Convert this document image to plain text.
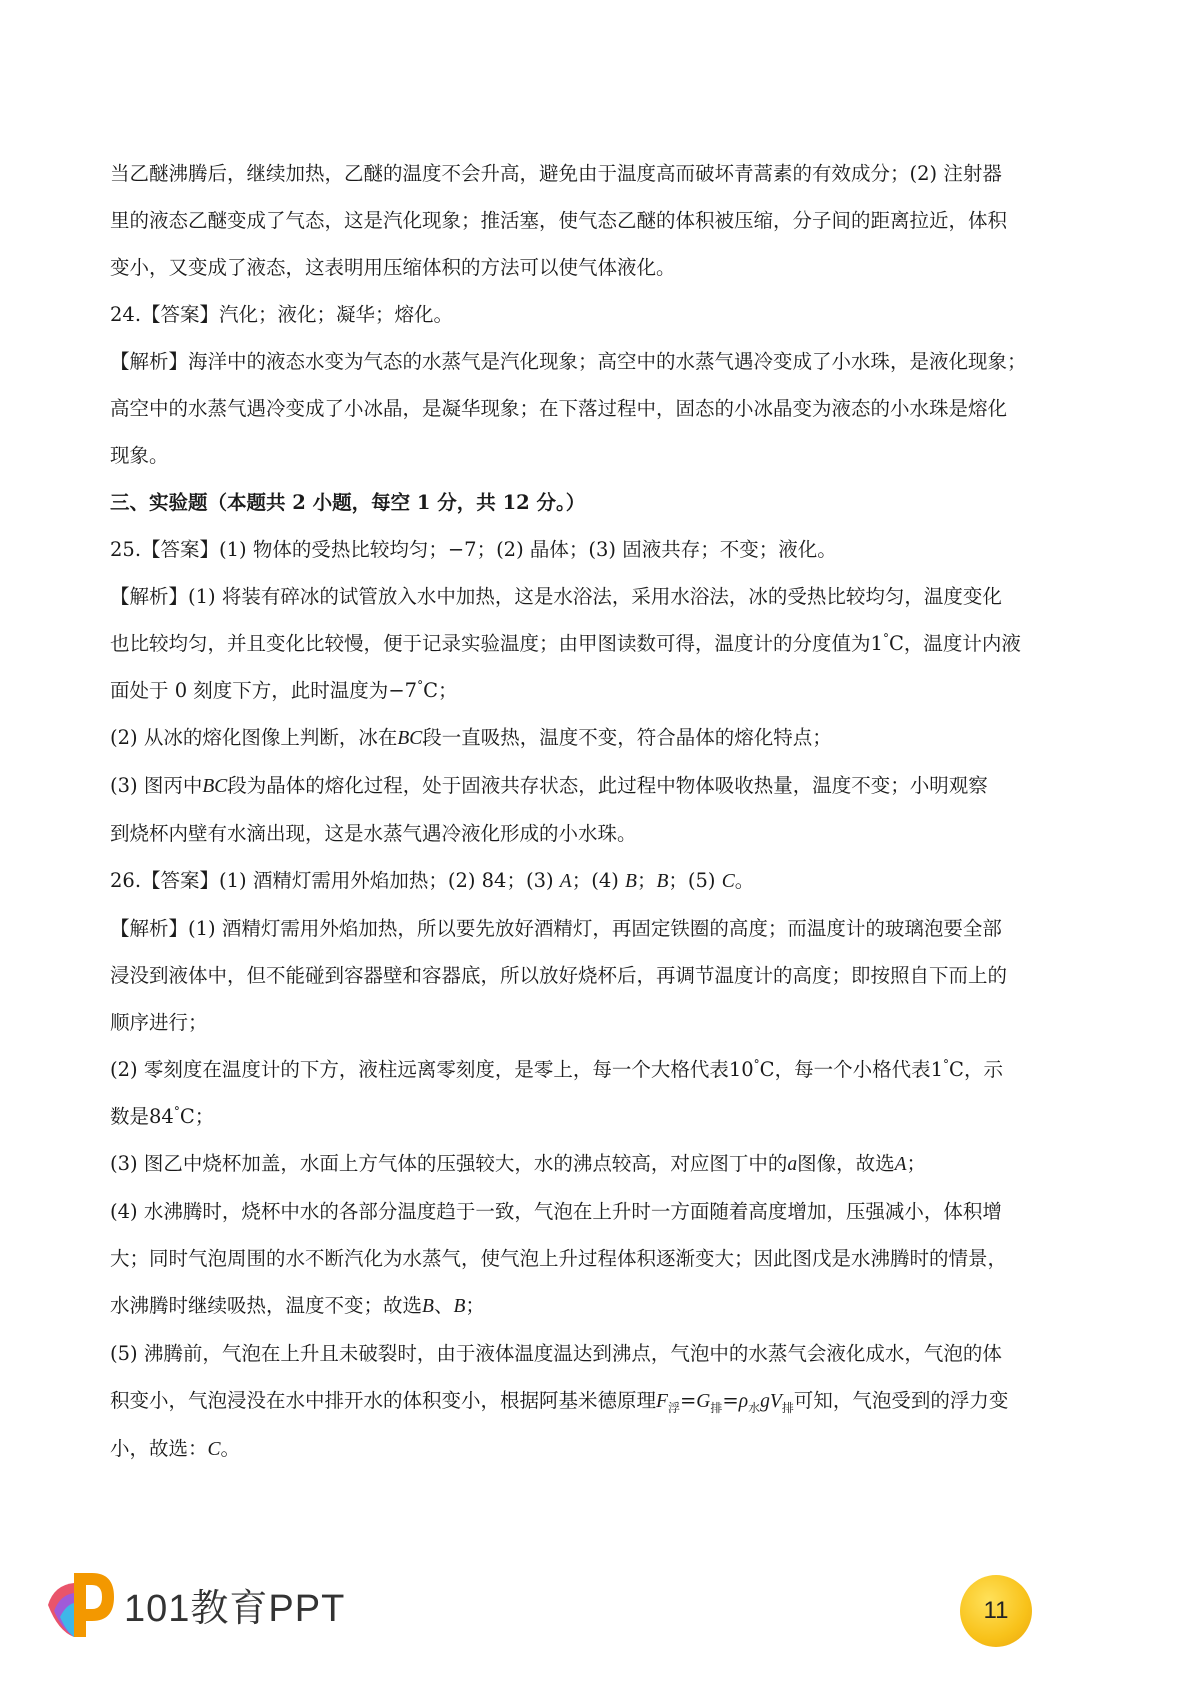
当乙醚沸腾后，继续加热，乙醚的温度不会升高，避免由于温度高而破坏青蒿素的有效成分；(2) 注射器

里的液态乙醚变成了气态，这是汽化现象；推活塞，使气态乙醚的体积被压缩，分子间的距离拉近，体积

变小，又变成了液态，这表明用压缩体积的方法可以使气体液化。

24.【答案】汽化；液化；凝华；熔化。

【解析】海洋中的液态水变为气态的水蒸气是汽化现象；高空中的水蒸气遇冷变成了小水珠，是液化现象；

高空中的水蒸气遇冷变成了小冰晶，是凝华现象；在下落过程中，固态的小冰晶变为液态的小水珠是熔化

现象。

三、实验题（本题共 2 小题，每空 1 分，共 12 分。）

25.【答案】(1) 物体的受热比较均匀；−7；(2) 晶体；(3) 固液共存；不变；液化。

【解析】(1) 将装有碎冰的试管放入水中加热，这是水浴法，采用水浴法，冰的受热比较均匀，温度变化

也比较均匀，并且变化比较慢，便于记录实验温度；由甲图读数可得，温度计的分度值为1°C，温度计内液

面处于 0 刻度下方，此时温度为−7°C；

(2) 从冰的熔化图像上判断，冰在BC段一直吸热，温度不变，符合晶体的熔化特点；

(3) 图丙中BC段为晶体的熔化过程，处于固液共存状态，此过程中物体吸收热量，温度不变；小明观察

到烧杯内壁有水滴出现，这是水蒸气遇冷液化形成的小水珠。

26.【答案】(1) 酒精灯需用外焰加热；(2) 84；(3) A；(4) B；B；(5) C。

【解析】(1) 酒精灯需用外焰加热，所以要先放好酒精灯，再固定铁圈的高度；而温度计的玻璃泡要全部

浸没到液体中，但不能碰到容器壁和容器底，所以放好烧杯后，再调节温度计的高度；即按照自下而上的

顺序进行；

(2) 零刻度在温度计的下方，液柱远离零刻度，是零上，每一个大格代表10°C，每一个小格代表1°C，示

数是84°C；

(3) 图乙中烧杯加盖，水面上方气体的压强较大，水的沸点较高，对应图丁中的a图像，故选A；

(4) 水沸腾时，烧杯中水的各部分温度趋于一致，气泡在上升时一方面随着高度增加，压强减小，体积增

大；同时气泡周围的水不断汽化为水蒸气，使气泡上升过程体积逐渐变大；因此图戊是水沸腾时的情景，

水沸腾时继续吸热，温度不变；故选B、B；

(5) 沸腾前，气泡在上升且未破裂时，由于液体温度温达到沸点，气泡中的水蒸气会液化成水，气泡的体

积变小，气泡浸没在水中排开水的体积变小，根据阿基米德原理$F_浮=G_排=\rho_水gV_排$可知，气泡受到的浮力变

小，故选：C。

101教育PPT	11
